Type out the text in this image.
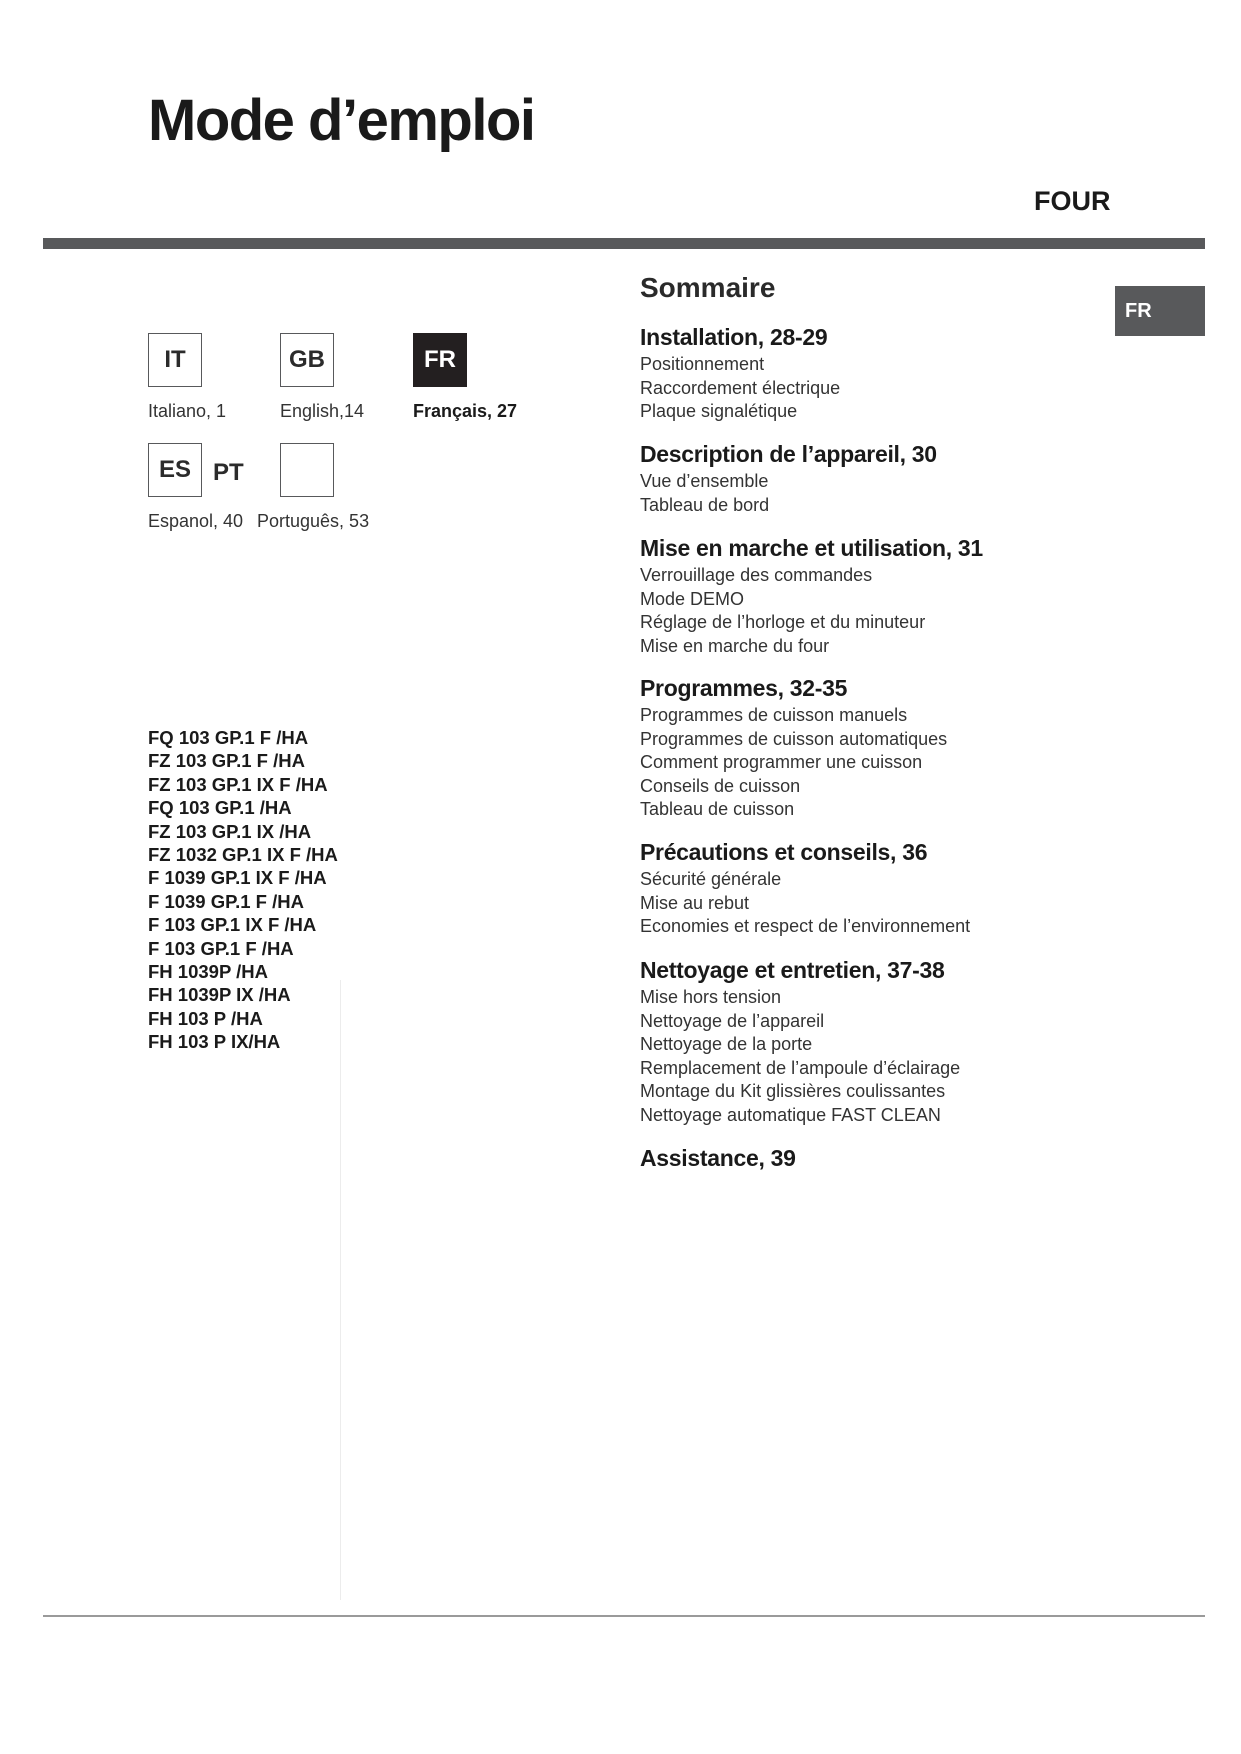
Mode d’emploi
FOUR
FR
IT
Italiano, 1
GB
English,14
FR
Français, 27
ES PT
Espanol, 40 Português, 53
FQ 103 GP.1 F /HA
FZ 103 GP.1 F /HA
FZ 103 GP.1 IX F /HA
FQ 103 GP.1 /HA
FZ 103 GP.1 IX /HA
FZ 1032 GP.1 IX F /HA
F 1039 GP.1 IX F /HA
F 1039 GP.1 F /HA
F 103 GP.1 IX F /HA
F 103 GP.1 F /HA
FH 1039P /HA
FH 1039P IX /HA
FH 103 P /HA
FH 103 P IX/HA
Sommaire
Installation, 28-29
Positionnement
Raccordement électrique
Plaque signalétique
Description de l’appareil, 30
Vue d’ensemble
Tableau de bord
Mise en marche et utilisation, 31
Verrouillage des commandes
Mode DEMO
Réglage de l’horloge et du minuteur
Mise en marche du four
Programmes, 32-35
Programmes de cuisson manuels
Programmes de cuisson automatiques
Comment programmer une cuisson
Conseils de cuisson
Tableau de cuisson
Précautions et conseils, 36
Sécurité générale
Mise au rebut
Economies et respect de l’environnement
Nettoyage et entretien, 37-38
Mise hors tension
Nettoyage de l’appareil
Nettoyage de la porte
Remplacement de l’ampoule d’éclairage
Montage du Kit glissières coulissantes
Nettoyage automatique FAST CLEAN
Assistance, 39
